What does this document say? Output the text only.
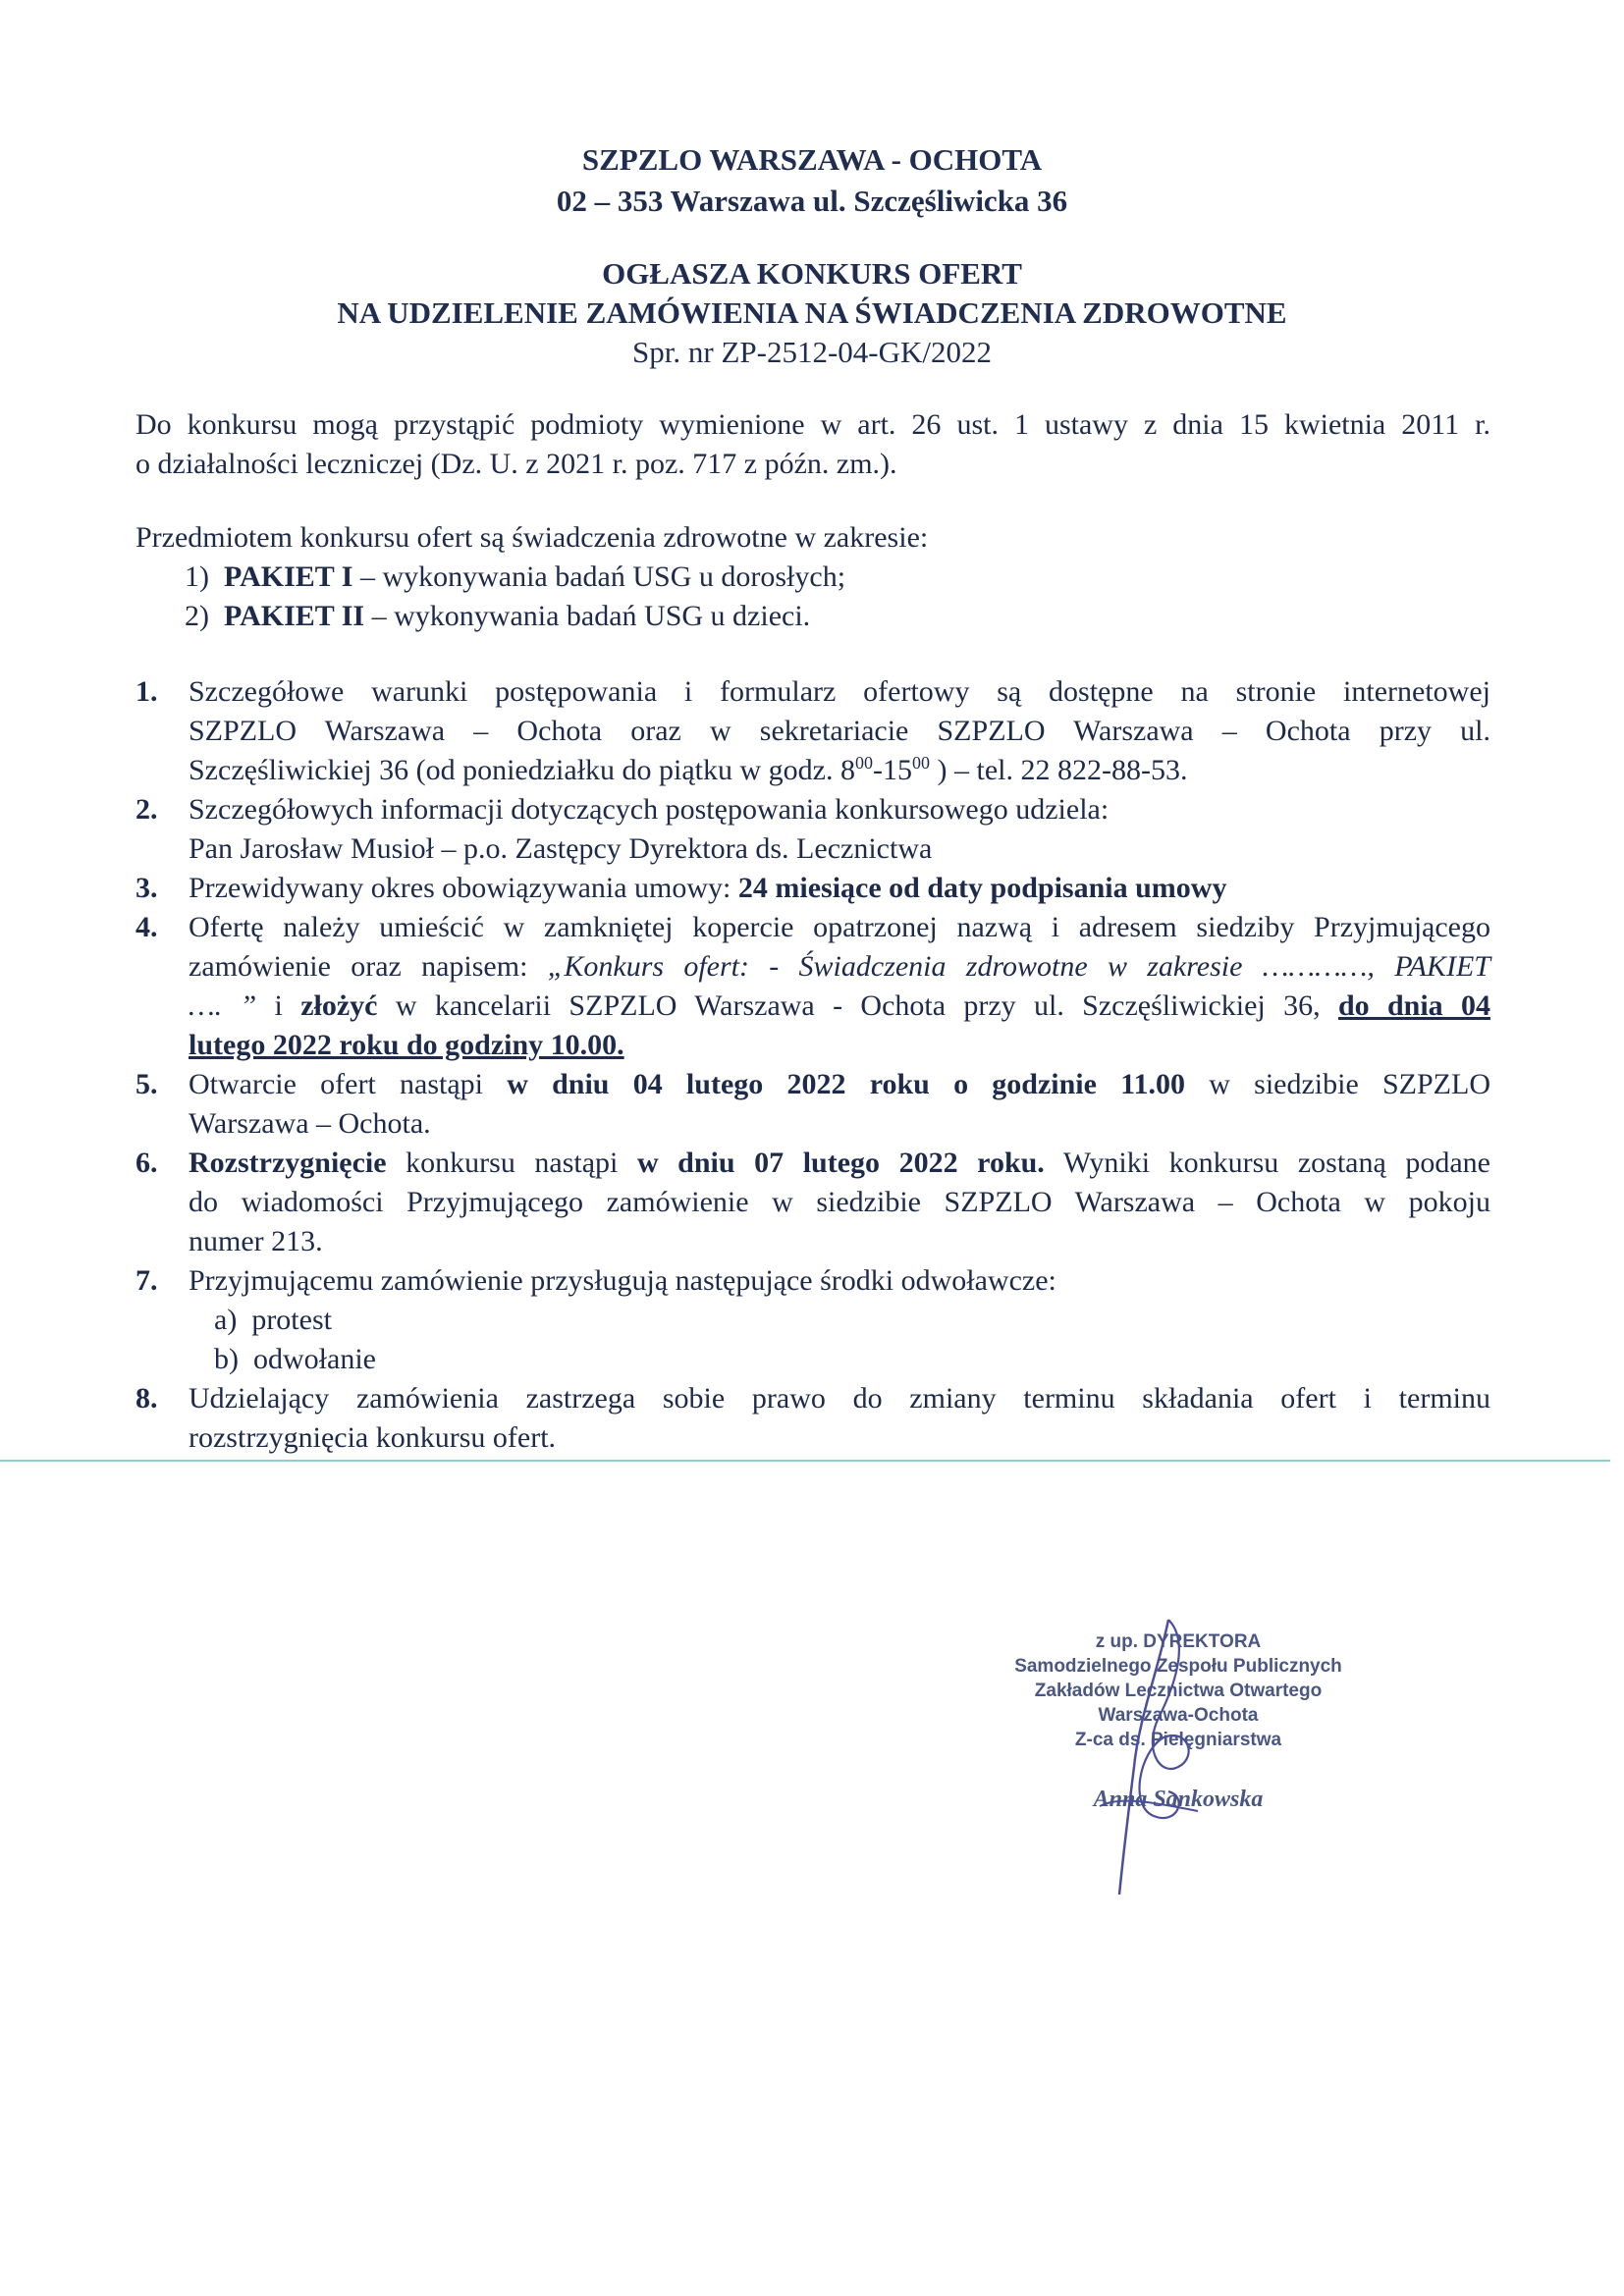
SZPZLO WARSZAWA - OCHOTA
02 – 353 Warszawa ul. Szczęśliwicka 36
OGŁASZA KONKURS OFERT
NA UDZIELENIE ZAMÓWIENIA NA ŚWIADCZENIA ZDROWOTNE
Spr. nr ZP-2512-04-GK/2022
Do konkursu mogą przystąpić podmioty wymienione w art. 26 ust. 1 ustawy z dnia 15 kwietnia 2011 r.
o działalności leczniczej (Dz. U. z 2021 r. poz. 717 z późn. zm.).
Przedmiotem konkursu ofert są świadczenia zdrowotne w zakresie:
1) PAKIET I – wykonywania badań USG u dorosłych;
2) PAKIET II – wykonywania badań USG u dzieci.
1.	Szczegółowe warunki postępowania i formularz ofertowy są dostępne na stronie internetowej
SZPZLO Warszawa – Ochota oraz w sekretariacie SZPZLO Warszawa – Ochota przy ul.
Szczęśliwickiej 36 (od poniedziałku do piątku w godz. $8^{00}-15^{00}$ ) – tel. 22 822-88-53.
2.	Szczegółowych informacji dotyczących postępowania konkursowego udziela:
Pan Jarosław Musioł – p.o. Zastępcy Dyrektora ds. Lecznictwa
3.	Przewidywany okres obowiązywania umowy: 24 miesiące od daty podpisania umowy
4.	Ofertę należy umieścić w zamkniętej kopercie opatrzonej nazwą i adresem siedziby Przyjmującego
zamówienie oraz napisem: „Konkurs ofert: - Świadczenia zdrowotne w zakresie …………, PAKIET
…. ” i złożyć w kancelarii SZPZLO Warszawa - Ochota przy ul. Szczęśliwickiej 36, do dnia 04
lutego 2022 roku do godziny 10.00.
5.	Otwarcie ofert nastąpi w dniu 04 lutego 2022 roku o godzinie 11.00 w siedzibie SZPZLO
Warszawa – Ochota.
6.	Rozstrzygnięcie konkursu nastąpi w dniu 07 lutego 2022 roku. Wyniki konkursu zostaną podane
do wiadomości Przyjmującego zamówienie w siedzibie SZPZLO Warszawa – Ochota w pokoju
numer 213.
7.	Przyjmującemu zamówienie przysługują następujące środki odwoławcze:
a) protest
b) odwołanie
8.	Udzielający zamówienia zastrzega sobie prawo do zmiany terminu składania ofert i terminu
rozstrzygnięcia konkursu ofert.
z up. DYREKTORA
Samodzielnego Zespołu Publicznych
Zakładów Lecznictwa Otwartego
Warszawa-Ochota
Z-ca ds. Pielęgniarstwa
Anna Sankowska
